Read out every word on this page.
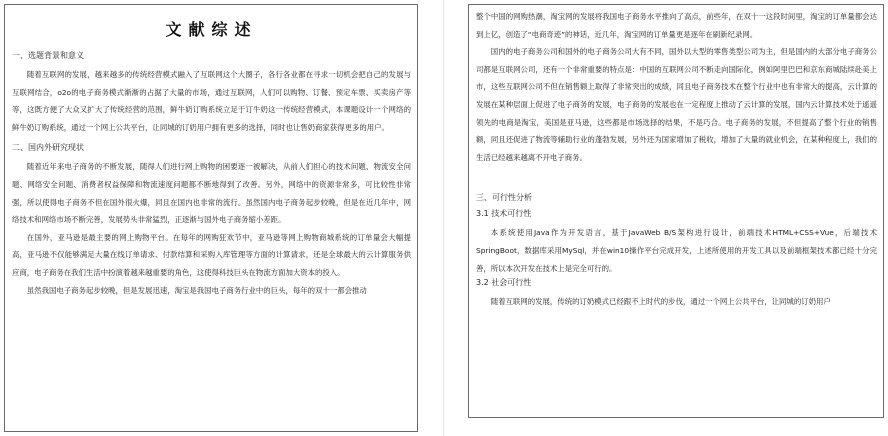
文献综述
一、选题背景和意义

随着互联网的发展，越来越多的传统经营模式融入了互联网这个大圈子，各行各业都在寻求一切机会把自己的发展与互联网结合，o2o的电子商务模式渐渐的占据了大量的市场，通过互联网，人们可以购物、订餐、预定车票、买卖房产等等，这既方便了大众又扩大了传统经营的范围，鲜牛奶订购系统立足于订牛奶这一传统经营模式，本课题设计一个网络的鲜牛奶订购系统，通过一个网上公共平台，让同城的订奶用户拥有更多的选择，同时也让售奶商家获得更多的用户。

二、国内外研究现状

随着近年来电子商务的不断发展，随得人们进行网上购物的困要逐一被解决，从前人们担心的技术问题、物流安全问题、网络安全问题、消费者权益保障和物流速度问题都不断地得到了改善。另外，网络中的资源非常多，可比较性非常强，所以使得电子商务不但在国外很火爆，同且在国内也非常的流行。虽然国内电子商务起步较晚，但是在近几年中，网络技术和网络市场不断完善，发展势头非常猛烈，正逐渐与国外电子商务缩小差距。

在国外，亚马逊是最主要的网上购物平台。在每年的网购狂欢节中，亚马逊等网上购物商城系统的订单量会大幅提高，亚马逊不仅能够满足大量在线订单请求、付款结算和采购入库管理等方面的计算请求，还是全球最大的云计算服务供应商，电子商务在我们生活中扮演着越来越重要的角色，这使得科技巨头在物流方面加大资本的投入。

虽然我国电子商务起步较晚，但是发展迅速，淘宝是我国电子商务行业中的巨头，每年的双十一都会推动

整个中国的网购热潮，淘宝网的发展将我国电子商务水平推向了高点，前些年，在双十一这段时间里，淘宝的订单量都会达到上亿，创造了“电商奇迹”的神话，近几年，淘宝网的订单量更是逐年在刷新纪录网。

国内的电子商务公司和国外的电子商务公司大有不同，国外以大型的零售类型公司为主，但是国内的大部分电子商务公司都是互联网公司，还有一个非常重要的特点是：中国的互联网公司不断走向国际化，例如阿里巴巴和京东商城陆续赴美上市，这些互联网公司不但在销售额上取得了非常突出的成绩，同且电子商务技术在整个行业中也有非常大的提高，云计算的发展在某种层面上促进了电子商务的发展，电子商务的发展也在一定程度上推动了云计算的发展，国内云计算技术处于遥遥领先的电商是淘宝，美国是亚马逊，这些都是市场选择的结果，不是巧合。电子商务的发展，不但提高了整个行业的销售额，同且还促进了物流等辅助行业的蓬勃发展，另外还为国家增加了税收，增加了大量的就业机会，在某种程度上，我们的生活已经越来越离不开电子商务。

三、可行性分析
3.1 技术可行性

本系统使用Java作为开发语言，基于JavaWeb B/S架构进行设计，前端技术HTML+CSS+Vue，后端技术SpringBoot，数据库采用MySql，并在win10操作平台完成开发，上述所使用的开发工具以及前端框架技术都已经十分完善，所以本次开发在技术上是完全可行的。

3.2 社会可行性

随着互联网的发展，传统的订奶模式已经跟不上时代的步伐，通过一个网上公共平台，让同城的订奶用户
